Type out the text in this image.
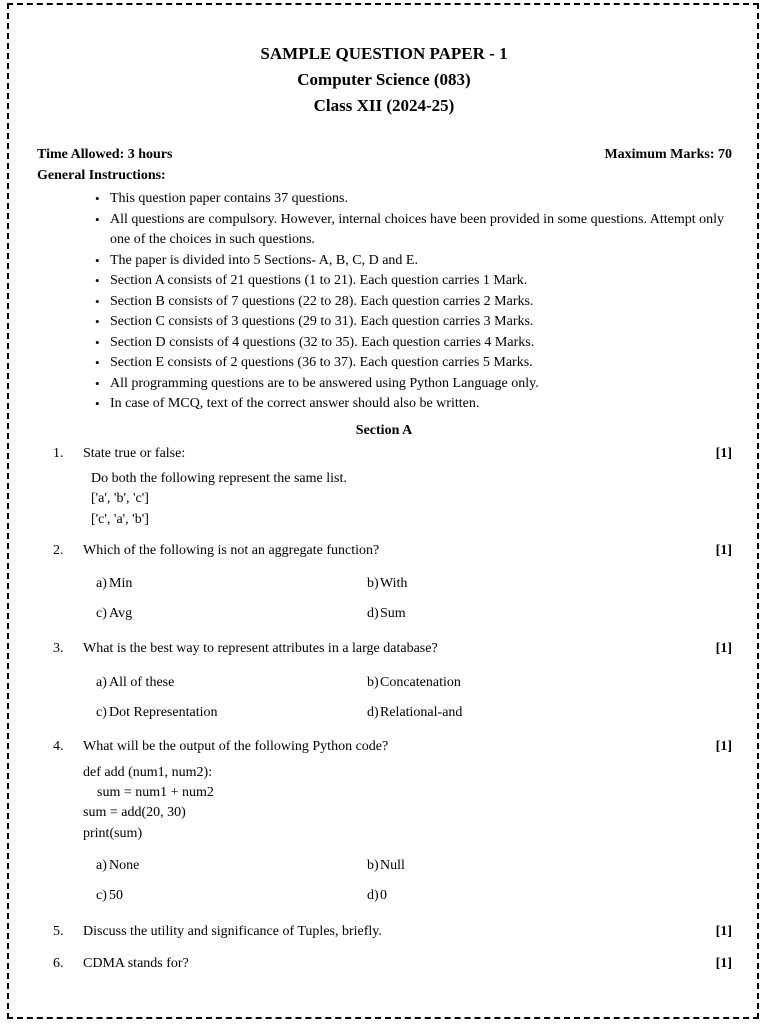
SAMPLE QUESTION PAPER - 1
Computer Science (083)
Class XII (2024-25)
Time Allowed: 3 hours	Maximum Marks: 70
General Instructions:
• This question paper contains 37 questions.
• All questions are compulsory. However, internal choices have been provided in some questions. Attempt only one of the choices in such questions.
• The paper is divided into 5 Sections- A, B, C, D and E.
• Section A consists of 21 questions (1 to 21). Each question carries 1 Mark.
• Section B consists of 7 questions (22 to 28). Each question carries 2 Marks.
• Section C consists of 3 questions (29 to 31). Each question carries 3 Marks.
• Section D consists of 4 questions (32 to 35). Each question carries 4 Marks.
• Section E consists of 2 questions (36 to 37). Each question carries 5 Marks.
• All programming questions are to be answered using Python Language only.
• In case of MCQ, text of the correct answer should also be written.
Section A
1. State true or false:	[1]
Do both the following represent the same list.
['a', 'b', 'c']
['c', 'a', 'b']
2. Which of the following is not an aggregate function?	[1]
a) Min	b)With
c) Avg	d)Sum
3. What is the best way to represent attributes in a large database?	[1]
a) All of these	b)Concatenation
c) Dot Representation	d)Relational-and
4. What will be the output of the following Python code?	[1]
def add (num1, num2):
sum = num1 + num2
sum = add(20, 30)
print(sum)
a) None	b)Null
c) 50	d)0
5. Discuss the utility and significance of Tuples, briefly.	[1]
6. CDMA stands for?	[1]
